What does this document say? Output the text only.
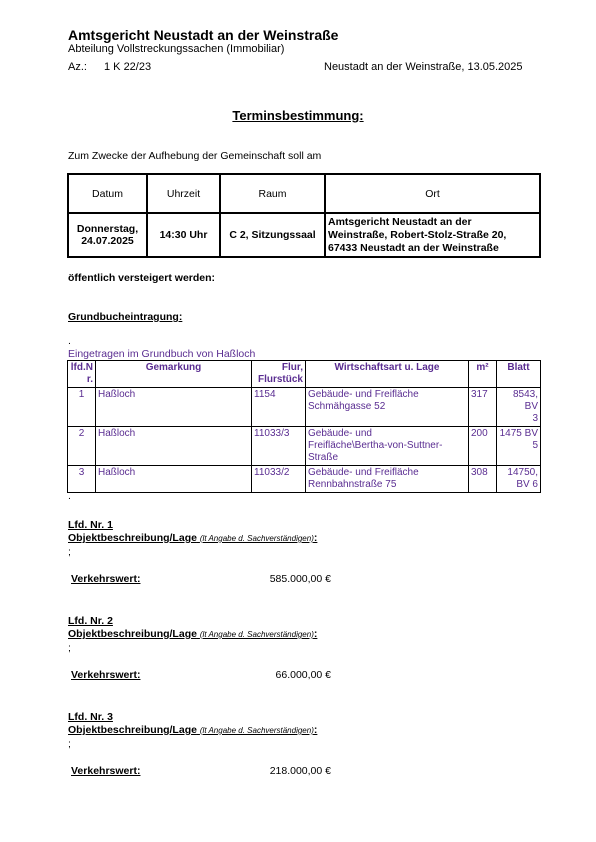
Amtsgericht Neustadt an der Weinstraße
Abteilung Vollstreckungssachen (Immobiliar)
Az.: 1 K 22/23	Neustadt an der Weinstraße, 13.05.2025
Terminsbestimmung:
Zum Zwecke der Aufhebung der Gemeinschaft soll am
Datum	Uhrzeit	Raum	Ort
Donnerstag,
24.07.2025	14:30 Uhr	C 2, Sitzungssaal	Amtsgericht Neustadt an der
Weinstraße, Robert-Stolz-Straße 20,
67433 Neustadt an der Weinstraße
öffentlich versteigert werden:
Grundbucheintragung:
.
Eingetragen im Grundbuch von Haßloch
lfd.N
r.	Gemarkung	Flur,
Flurstück	Wirtschaftsart u. Lage	m²	Blatt
1	Haßloch	1154	Gebäude- und Freifläche
Schmähgasse 52	317	8543, BV
3
2	Haßloch	11033/3	Gebäude- und
Freifläche\Bertha-von-Suttner-
Straße	200	1475 BV
5
3	Haßloch	11033/2	Gebäude- und Freifläche
Rennbahnstraße 75	308	14750,
BV 6
.
Lfd. Nr. 1
Objektbeschreibung/Lage (lt Angabe d. Sachverständigen):
;
Verkehrswert:	585.000,00 €
Lfd. Nr. 2
Objektbeschreibung/Lage (lt Angabe d. Sachverständigen):
;
Verkehrswert:	66.000,00 €
Lfd. Nr. 3
Objektbeschreibung/Lage (lt Angabe d. Sachverständigen):
;
Verkehrswert:	218.000,00 €
